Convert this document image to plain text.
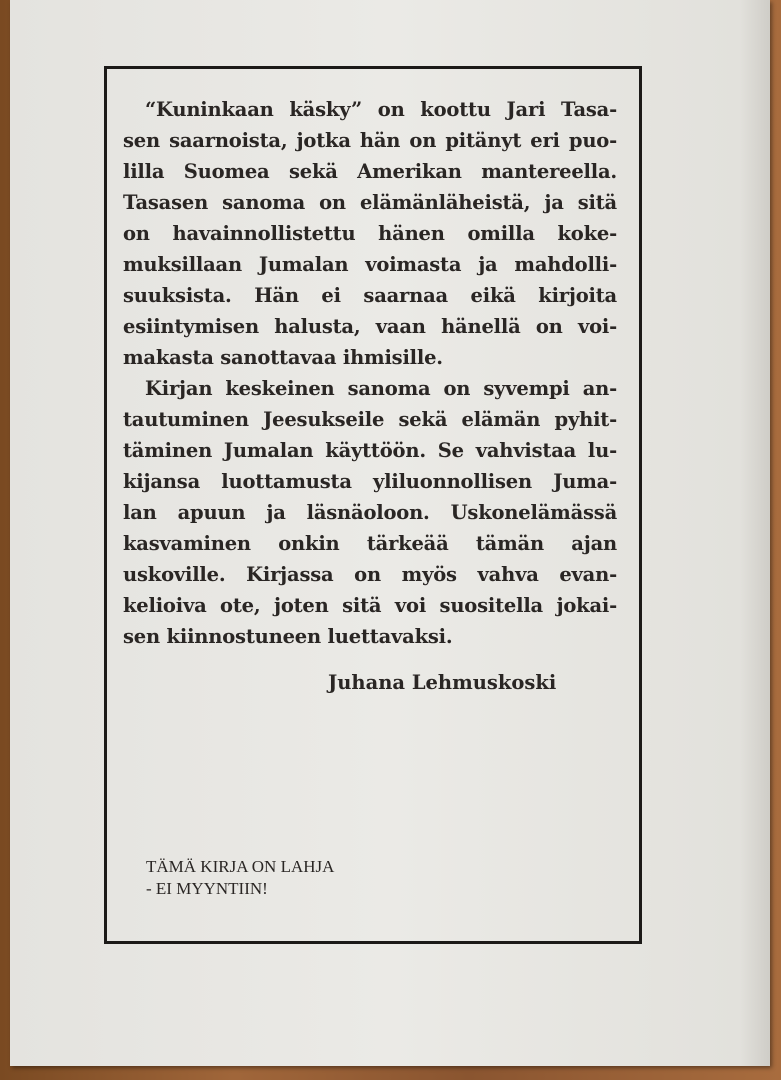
“Kuninkaan käsky” on koottu Jari Tasa-
sen saarnoista, jotka hän on pitänyt eri puo-
lilla Suomea sekä Amerikan mantereella.
Tasasen sanoma on elämänläheistä, ja sitä
on havainnollistettu hänen omilla koke-
muksillaan Jumalan voimasta ja mahdolli-
suuksista. Hän ei saarnaa eikä kirjoita
esiintymisen halusta, vaan hänellä on voi-
makasta sanottavaa ihmisille.
Kirjan keskeinen sanoma on syvempi an-
tautuminen Jeesukseile sekä elämän pyhit-
täminen Jumalan käyttöön. Se vahvistaa lu-
kijansa luottamusta yliluonnollisen Juma-
lan apuun ja läsnäoloon. Uskonelämässä
kasvaminen onkin tärkeää tämän ajan
uskoville. Kirjassa on myös vahva evan-
kelioiva ote, joten sitä voi suositella jokai-
sen kiinnostuneen luettavaksi.
Juhana Lehmuskoski
TÄMÄ KIRJA ON LAHJA
- EI MYYNTIIN!
